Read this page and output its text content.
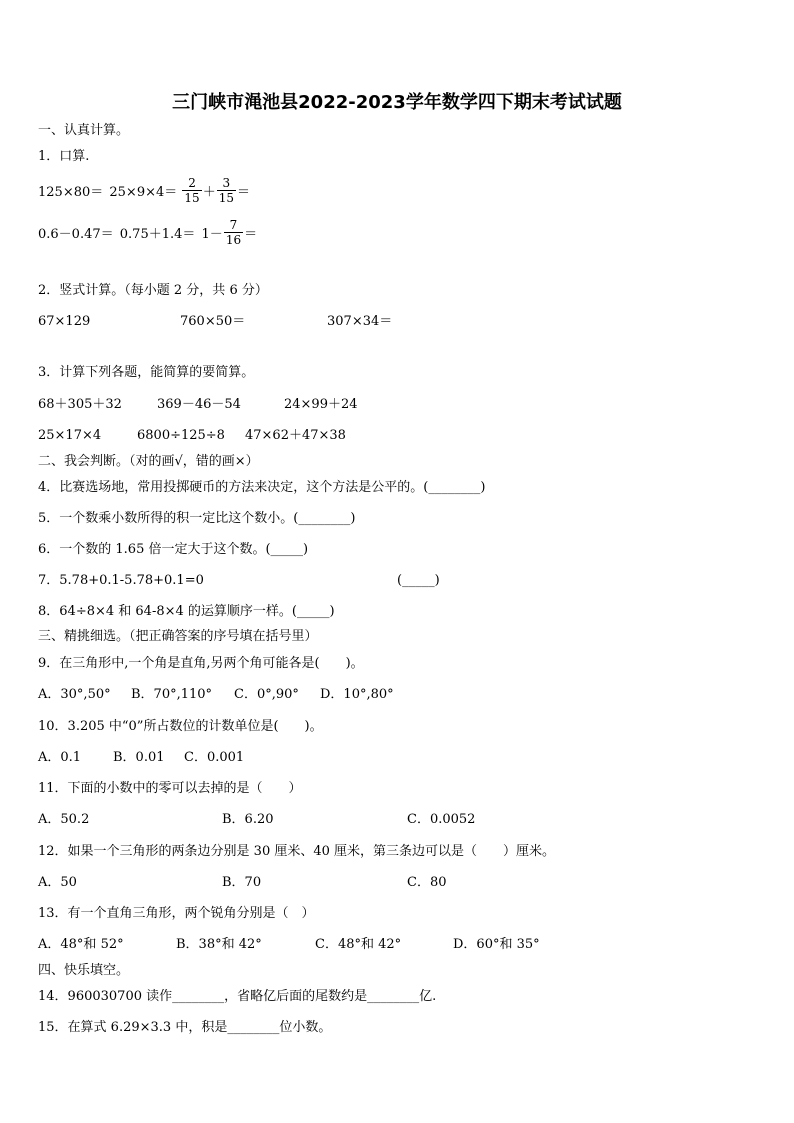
三门峡市渑池县2022-2023学年数学四下期末考试试题
一、认真计算。
1．口算.
$125\times 80= 25\times 9\times 4= \frac{2}{15} + \frac{3}{15}$ ＝
$0.6-0.47= 0.75+1.4= 1- \frac{7}{16}$ ＝
2．竖式计算。（每小题 2 分，共 6 分）
67×129	760×50＝	307×34＝
3．计算下列各题，能简算的要简算。
68＋305＋32	369－46－54	24×99＋24
25×17×4	6800÷125÷8 47×62＋47×38
二、我会判断。（对的画√，错的画×）
4．比赛选场地，常用投掷硬币的方法来决定，这个方法是公平的。(________)
5．一个数乘小数所得的积一定比这个数小。(________)
6．一个数的 1.65 倍一定大于这个数。(_____)
7．5.78+0.1-5.78+0.1=0	(_____)
8．64÷8×4 和 64-8×4 的运算顺序一样。(_____)
三、精挑细选。（把正确答案的序号填在括号里）
9．在三角形中,一个角是直角,另两个角可能各是(　　)。
A．30°,50° B．70°,110° C．0°,90° D．10°,80°
10．3.205 中“0”所占数位的计数单位是(　　)。
A．0.1 B．0.01 C．0.001
11．下面的小数中的零可以去掉的是（　　）
A．50.2	B．6.20	C．0.0052
12．如果一个三角形的两条边分别是 30 厘米、40 厘米，第三条边可以是（　　）厘米。
A．50	B．70	C．80
13．有一个直角三角形，两个锐角分别是（　）
A．48°和 52°	B．38°和 42°	C．48°和 42°	D．60°和 35°
四、快乐填空。
14．960030700 读作________，省略亿后面的尾数约是________亿.
15．在算式 6.29×3.3 中，积是________位小数。
